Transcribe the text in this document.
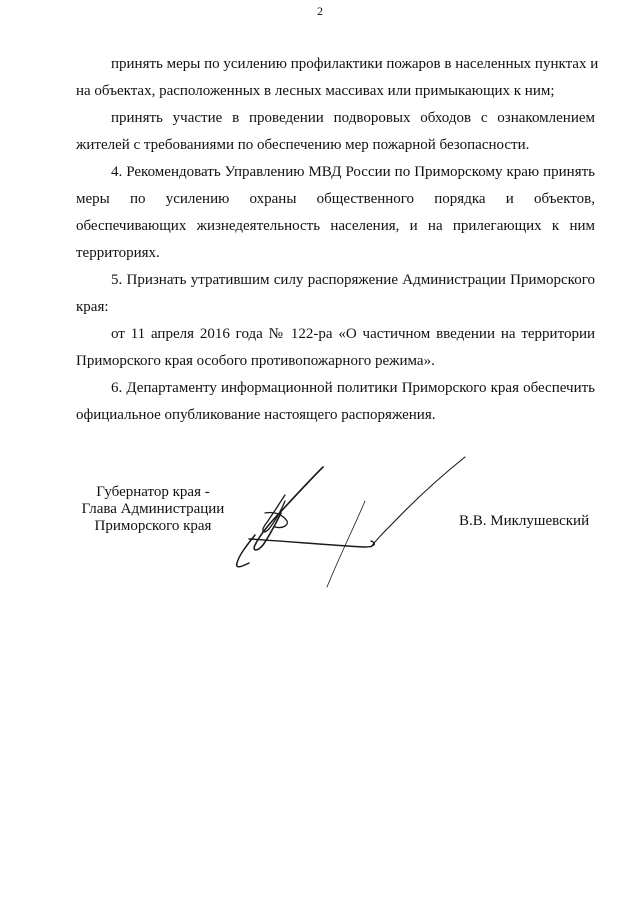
2
принять меры по усилению профилактики пожаров в населенных пунктах и
на объектах, расположенных в лесных массивах или примыкающих к ним;
принять участие в проведении подворовых обходов с ознакомлением
жителей с требованиями по обеспечению мер пожарной безопасности.
4. Рекомендовать Управлению МВД России по Приморскому краю принять
меры по усилению охраны общественного порядка и объектов,
обеспечивающих жизнедеятельность населения, и на прилегающих к ним
территориях.
5. Признать утратившим силу распоряжение Администрации Приморского
края:
от 11 апреля 2016 года № 122-ра «О частичном введении на территории
Приморского края особого противопожарного режима».
6. Департаменту информационной политики Приморского края обеспечить
официальное опубликование настоящего распоряжения.
Губернатор края -
Глава Администрации
Приморского края	В.В. Миклушевский
